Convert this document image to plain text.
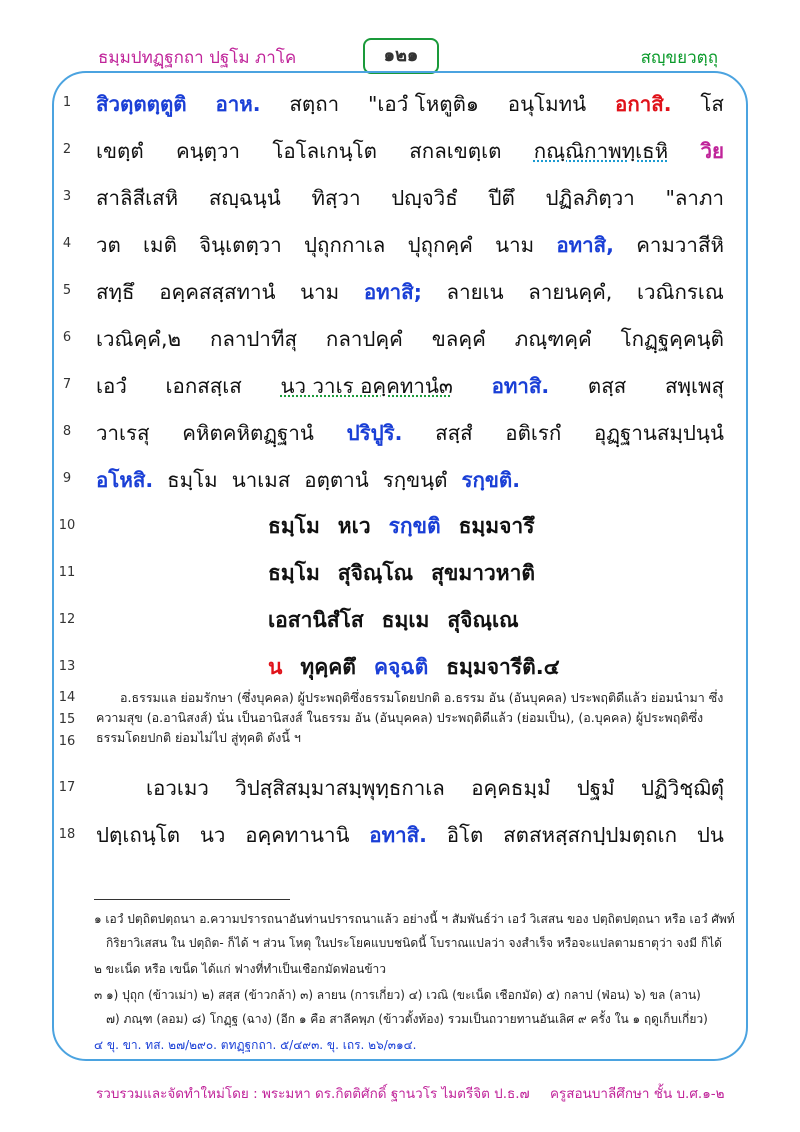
ธมฺมปทฏฺฐกถา ปฐโม ภาโค	๑๒๑	สญฺขยวตฺถุ
1
2
3
4
5
6
7
8
9
10
11
12
13
14
15
16
17
18
สิวตฺตตฺตูติ อาห. สตฺถา "เอวํ โหตูติ๑ อนุโมทนํ อกาสิ. โส
เขตฺตํ คนฺตฺวา โอโลเกนฺโต สกลเขตฺเต กณฺณิกาพทฺเธหิ วิย
สาลิสีเสหิ สญฺฉนฺนํ ทิสฺวา ปญฺจวิธํ ปีตึ ปฏิลภิตฺวา "ลาภา
วต เมติ จินฺเตตฺวา ปุถุกกาเล ปุถุกคฺคํ นาม อทาสิ, คามวาสีหิ
สทฺธึ อคฺคสสฺสทานํ นาม อทาสิ; ลายเน ลายนคฺคํ, เวณิกรเณ
เวณิคฺคํ,๒ กลาปาทีสุ กลาปคฺคํ ขลคฺคํ ภณฺฑคฺคํ โกฏฺฐคฺคนฺติ
เอวํ เอกสสฺเส นว วาเร อคฺคทานํ๓ อทาสิ. ตสฺส สพฺเพสุ
วาเรสุ คหิตคหิตฏฺฐานํ ปริปูริ. สสฺสํ อติเรกํ อุฏฺฐานสมฺปนฺนํ
อโหสิ. ธมฺโม นาเมส อตฺตานํ รกฺขนฺตํ รกฺขติ.
ธมฺโม หเว รกฺขติ ธมฺมจารึ
ธมฺโม สุจิณฺโณ สุขมาวหาติ
เอสานิสํโส ธมฺเม สุจิณฺเณ
น ทุคฺคตึ คจฺฉติ ธมฺมจารีติ.๔
อ.ธรรมแล ย่อมรักษา (ซึ่งบุคคล) ผู้ประพฤติซึ่งธรรมโดยปกติ อ.ธรรม อัน (อันบุคคล) ประพฤติดีแล้ว ย่อมนำมา ซึ่งความสุข (อ.อานิสงส์) นั่น เป็นอานิสงส์ ในธรรม อัน (อันบุคคล) ประพฤติดีแล้ว (ย่อมเป็น), (อ.บุคคล) ผู้ประพฤติซึ่งธรรมโดยปกติ ย่อมไม่ไป สู่ทุคติ ดังนี้ ฯ
เอวเมว วิปสฺสิสมฺมาสมฺพุทฺธกาเล อคฺคธมฺมํ ปฐมํ ปฏิวิชฺฌิตุํ
ปตฺเถนฺโต นว อคฺคทานานิ อทาสิ. อิโต สตสหสฺสกปฺปมตฺถเก ปน
๑ เอวํ ปตฺถิตปตฺถนา อ.ความปรารถนาอันท่านปรารถนาแล้ว อย่างนี้ ฯ สัมพันธ์ว่า เอวํ วิเสสน ของ ปตฺถิตปตฺถนา หรือ เอวํ ศัพท์
กิริยาวิเสสน ใน ปตฺถิต- ก็ได้ ฯ ส่วน โหตุ ในประโยคแบบชนิดนี้ โบราณแปลว่า จงสำเร็จ หรือจะแปลตามธาตุว่า จงมี ก็ได้
๒ ขะเน็ด หรือ เขน็ด ได้แก่ ฟางที่ทำเป็นเชือกมัดฟ่อนข้าว
๓ ๑) ปุถุก (ข้าวเม่า) ๒) สสฺส (ข้าวกล้า) ๓) ลายน (การเกี่ยว) ๔) เวณิ (ขะเน็ด เชือกมัด) ๕) กลาป (ฟ่อน) ๖) ขล (ลาน)
๗) ภณฺฑ (ลอม) ๘) โกฏฺฐ (ฉาง) (อีก ๑ คือ สาลีคพฺภ (ข้าวตั้งท้อง) รวมเป็นถวายทานอันเลิศ ๙ ครั้ง ใน ๑ ฤดูเก็บเกี่ยว)
๔ ขุ. ขา. ทส. ๒๗/๒๙๐. ตทฏฺฐกถา. ๕/๔๙๓. ขุ. เถร. ๒๖/๓๑๔.
รวบรวมและจัดทำใหม่โดย : พระมหา ดร.กิตติศักดิ์ ฐานวโร ไมตรีจิต ป.ธ.๗ ครูสอนบาลีศึกษา ชั้น บ.ศ.๑-๒
